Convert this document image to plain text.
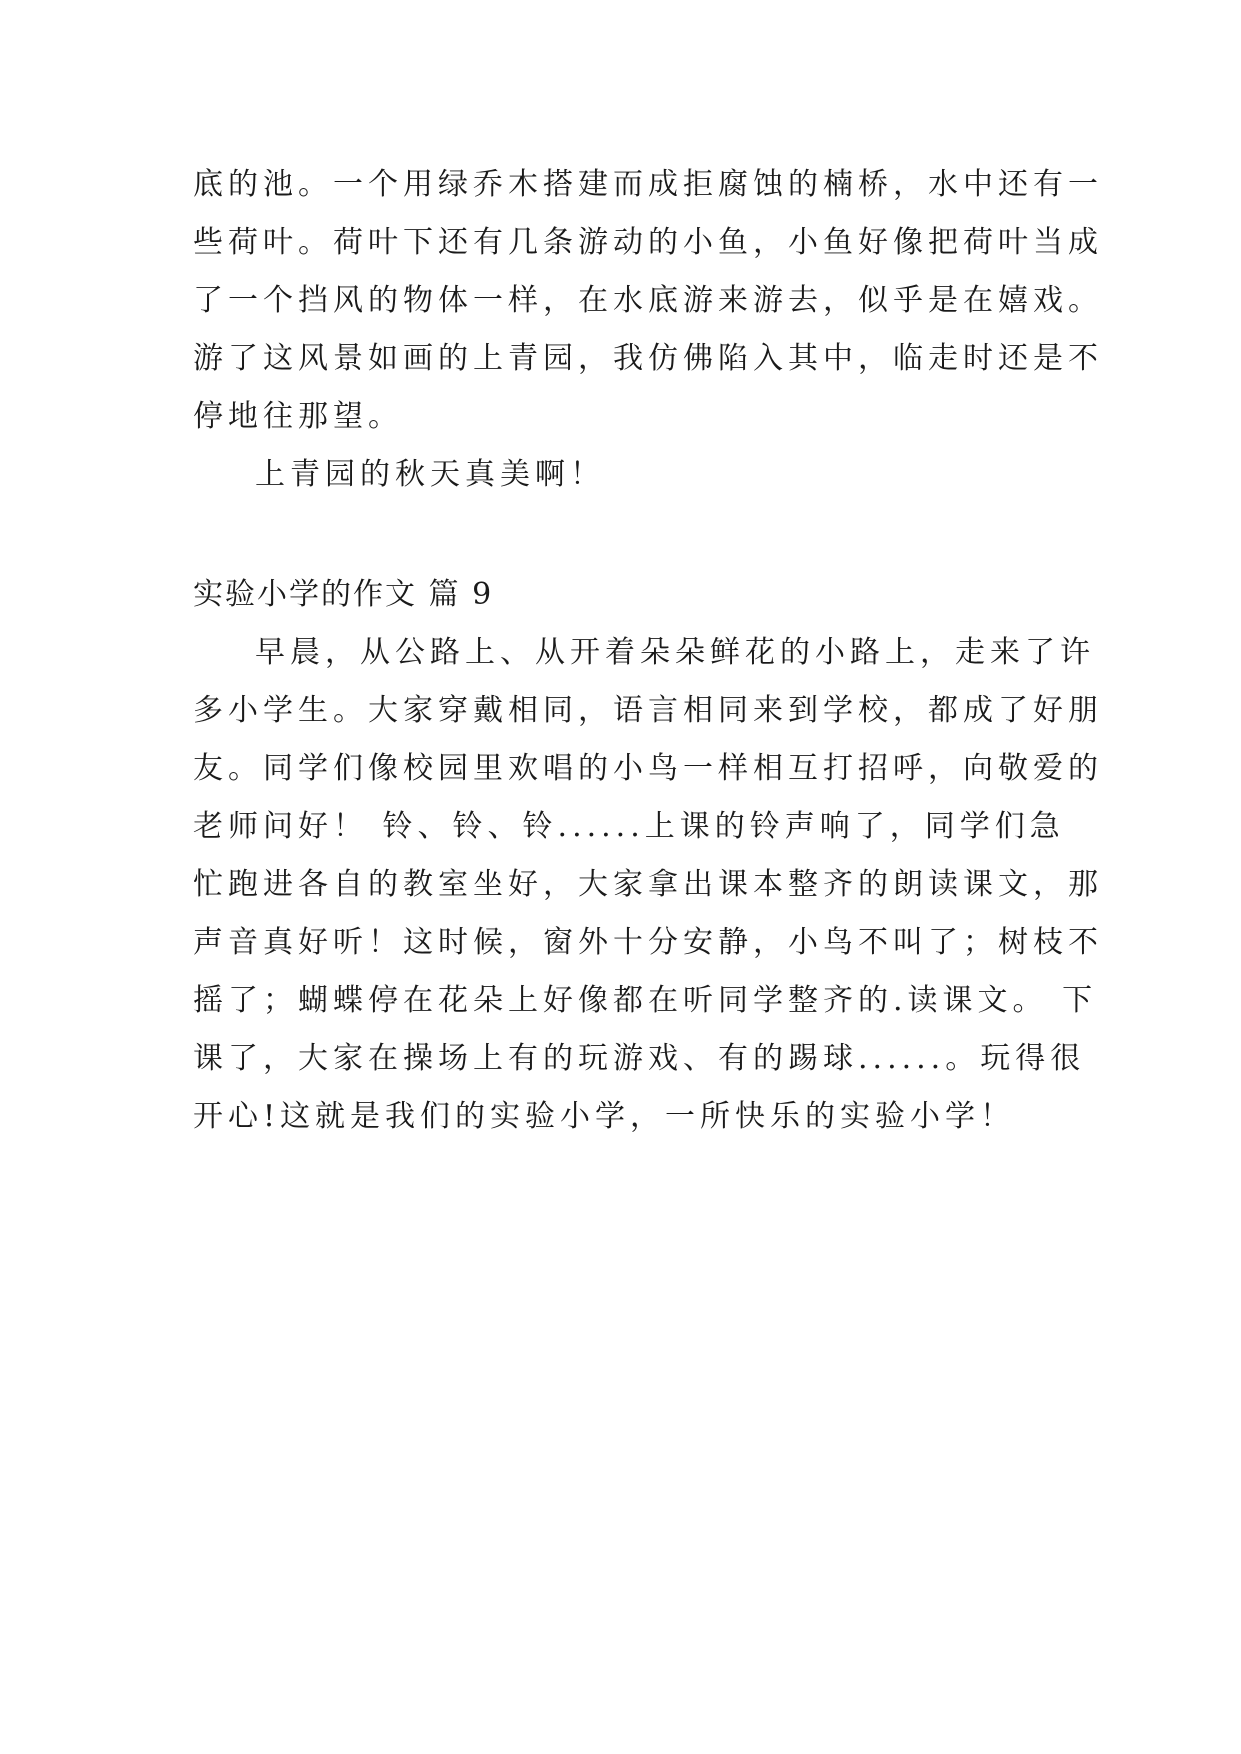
底的池。一个用绿乔木搭建而成拒腐蚀的楠桥，水中还有一
些荷叶。荷叶下还有几条游动的小鱼，小鱼好像把荷叶当成
了一个挡风的物体一样，在水底游来游去，似乎是在嬉戏。
游了这风景如画的上青园，我仿佛陷入其中，临走时还是不
停地往那望。
上青园的秋天真美啊！
实验小学的作文 篇 9
早晨，从公路上、从开着朵朵鲜花的小路上，走来了许
多小学生。大家穿戴相同，语言相同来到学校，都成了好朋
友。同学们像校园里欢唱的小鸟一样相互打招呼，向敬爱的
老师问好！ 铃、铃、铃......上课的铃声响了，同学们急
忙跑进各自的教室坐好，大家拿出课本整齐的朗读课文，那
声音真好听！这时候，窗外十分安静，小鸟不叫了；树枝不
摇了；蝴蝶停在花朵上好像都在听同学整齐的.读课文。 下
课了，大家在操场上有的玩游戏、有的踢球......。玩得很
开心!这就是我们的实验小学，一所快乐的实验小学！
